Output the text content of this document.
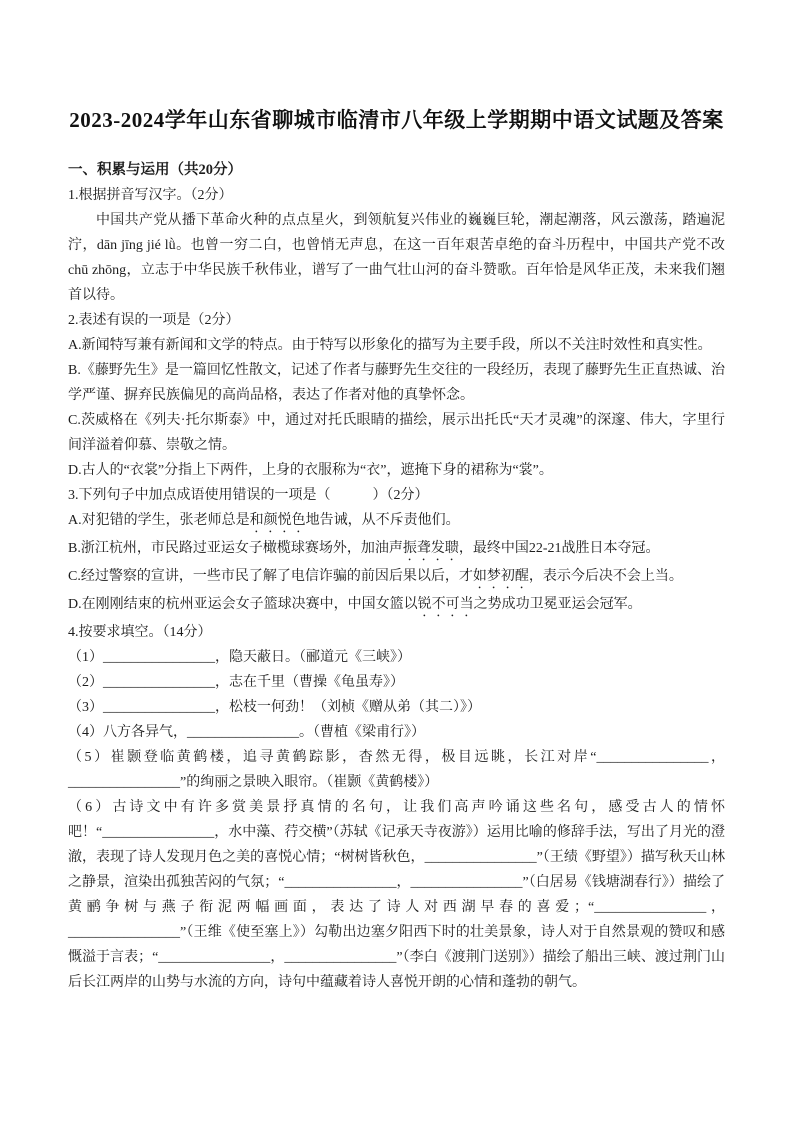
2023-2024学年山东省聊城市临清市八年级上学期期中语文试题及答案

一、积累与运用（共20分）

1.根据拼音写汉字。（2分）

中国共产党从播下革命火种的点点星火，到领航复兴伟业的巍巍巨轮，潮起潮落，风云激荡，踏遍泥泞，dān jīng jié lǜ。也曾一穷二白，也曾悄无声息，在这一百年艰苦卓绝的奋斗历程中，中国共产党不改chū zhōng，立志于中华民族千秋伟业，谱写了一曲气壮山河的奋斗赞歌。百年恰是风华正茂，未来我们翘首以待。

2.表述有误的一项是（2分）

A.新闻特写兼有新闻和文学的特点。由于特写以形象化的描写为主要手段，所以不关注时效性和真实性。

B.《藤野先生》是一篇回忆性散文，记述了作者与藤野先生交往的一段经历，表现了藤野先生正直热诚、治学严谨、摒弃民族偏见的高尚品格，表达了作者对他的真挚怀念。

C.茨威格在《列夫·托尔斯泰》中，通过对托氏眼睛的描绘，展示出托氏“天才灵魂”的深邃、伟大，字里行间洋溢着仰慕、崇敬之情。

D.古人的“衣裳”分指上下两件，上身的衣服称为“衣”，遮掩下身的裙称为“裳”。

3.下列句子中加点成语使用错误的一项是（　　　）（2分）

A.对犯错的学生，张老师总是和颜悦色地告诫，从不斥责他们。

B.浙江杭州，市民路过亚运女子橄榄球赛场外，加油声振聋发聩，最终中国22-21战胜日本夺冠。

C.经过警察的宣讲，一些市民了解了电信诈骗的前因后果以后，才如梦初醒，表示今后决不会上当。

D.在刚刚结束的杭州亚运会女子篮球决赛中，中国女篮以锐不可当之势成功卫冕亚运会冠军。

4.按要求填空。（14分）

（1）________________，隐天蔽日。（郦道元《三峡》）

（2）________________，志在千里（曹操《龟虽寿》）

（3）________________，松枝一何劲！（刘桢《赠从弟（其二）》）

（4）八方各异气，________________。（曹植《梁甫行》）

（5）崔颢登临黄鹤楼，追寻黄鹤踪影，杳然无得，极目远眺，长江对岸“________________，________________”的绚丽之景映入眼帘。（崔颢《黄鹤楼》）

（6）古诗文中有许多赏美景抒真情的名句，让我们高声吟诵这些名句，感受古人的情怀吧！“________________，水中藻、荇交横”（苏轼《记承天寺夜游》）运用比喻的修辞手法，写出了月光的澄澈，表现了诗人发现月色之美的喜悦心情；“树树皆秋色，________________”（王绩《野望》）描写秋天山林之静景，渲染出孤独苦闷的气氛；“________________，________________”（白居易《钱塘湖春行》）描绘了黄鹂争树与燕子衔泥两幅画面，表达了诗人对西湖早春的喜爱；“________________，________________”（王维《使至塞上》）勾勒出边塞夕阳西下时的壮美景象，诗人对于自然景观的赞叹和感慨溢于言表；“________________，________________”（李白《渡荆门送别》）描绘了船出三峡、渡过荆门山后长江两岸的山势与水流的方向，诗句中蕴藏着诗人喜悦开朗的心情和蓬勃的朝气。
